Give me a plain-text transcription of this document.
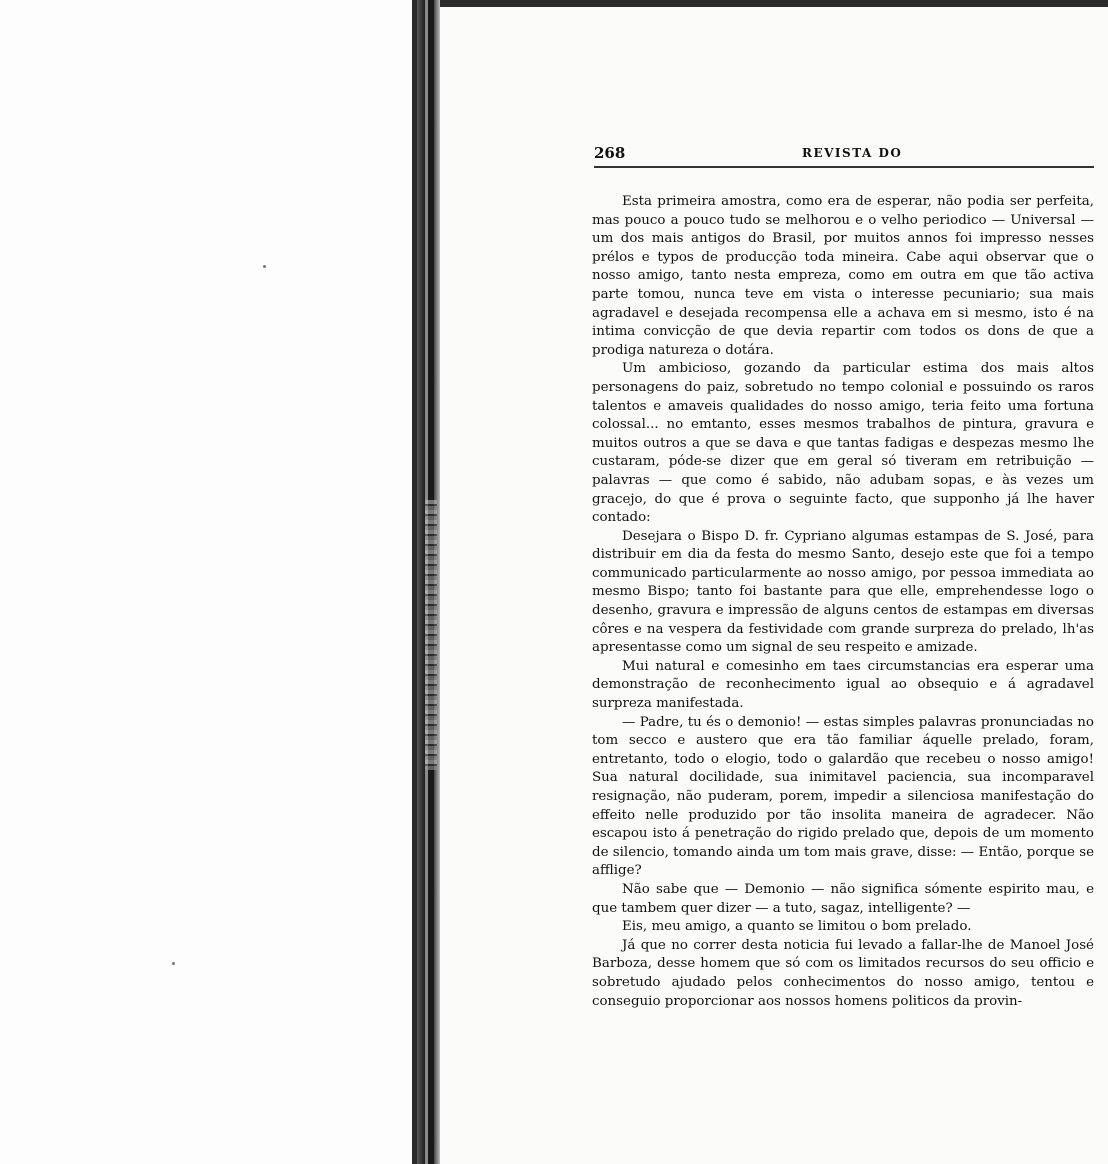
268	REVISTA DO

Esta primeira amostra, como era de esperar, não podia ser perfeita, mas pouco a pouco tudo se melhorou e o velho periodico — Universal — um dos mais antigos do Brasil, por muitos annos foi impresso nesses prélos e typos de producção toda mineira. Cabe aqui observar que o nosso amigo, tanto nesta empreza, como em outra em que tão activa parte tomou, nunca teve em vista o interesse pecuniario; sua mais agradavel e desejada recompensa elle a achava em si mesmo, isto é na intima convicção de que devia repartir com todos os dons de que a prodiga natureza o dotára.

Um ambicioso, gozando da particular estima dos mais altos personagens do paiz, sobretudo no tempo colonial e possuindo os raros talentos e amaveis qualidades do nosso amigo, teria feito uma fortuna colossal... no emtanto, esses mesmos trabalhos de pintura, gravura e muitos outros a que se dava e que tantas fadigas e despezas mesmo lhe custaram, póde-se dizer que em geral só tiveram em retribuição — palavras — que como é sabido, não adubam sopas, e às vezes um gracejo, do que é prova o seguinte facto, que supponho já lhe haver contado:

Desejara o Bispo D. fr. Cypriano algumas estampas de S. José, para distribuir em dia da festa do mesmo Santo, desejo este que foi a tempo communicado particularmente ao nosso amigo, por pessoa immediata ao mesmo Bispo; tanto foi bastante para que elle, emprehendesse logo o desenho, gravura e impressão de alguns centos de estampas em diversas côres e na vespera da festividade com grande surpreza do prelado, lh'as apresentasse como um signal de seu respeito e amizade.

Mui natural e comesinho em taes circumstancias era esperar uma demonstração de reconhecimento igual ao obsequio e á agradavel surpreza manifestada.

— Padre, tu és o demonio! — estas simples palavras pronunciadas no tom secco e austero que era tão familiar áquelle prelado, foram, entretanto, todo o elogio, todo o galardão que recebeu o nosso amigo! Sua natural docilidade, sua inimitavel paciencia, sua incomparavel resignação, não puderam, porem, impedir a silenciosa manifestação do effeito nelle produzido por tão insolita maneira de agradecer. Não escapou isto á penetração do rigido prelado que, depois de um momento de silencio, tomando ainda um tom mais grave, disse: — Então, porque se afflige?

Não sabe que — Demonio — não significa sómente espirito mau, e que tambem quer dizer — a tuto, sagaz, intelligente? —

Eis, meu amigo, a quanto se limitou o bom prelado.

Já que no correr desta noticia fui levado a fallar-lhe de Manoel José Barboza, desse homem que só com os limitados recursos do seu officio e sobretudo ajudado pelos conhecimentos do nosso amigo, tentou e conseguio proporcionar aos nossos homens politicos da provin-
